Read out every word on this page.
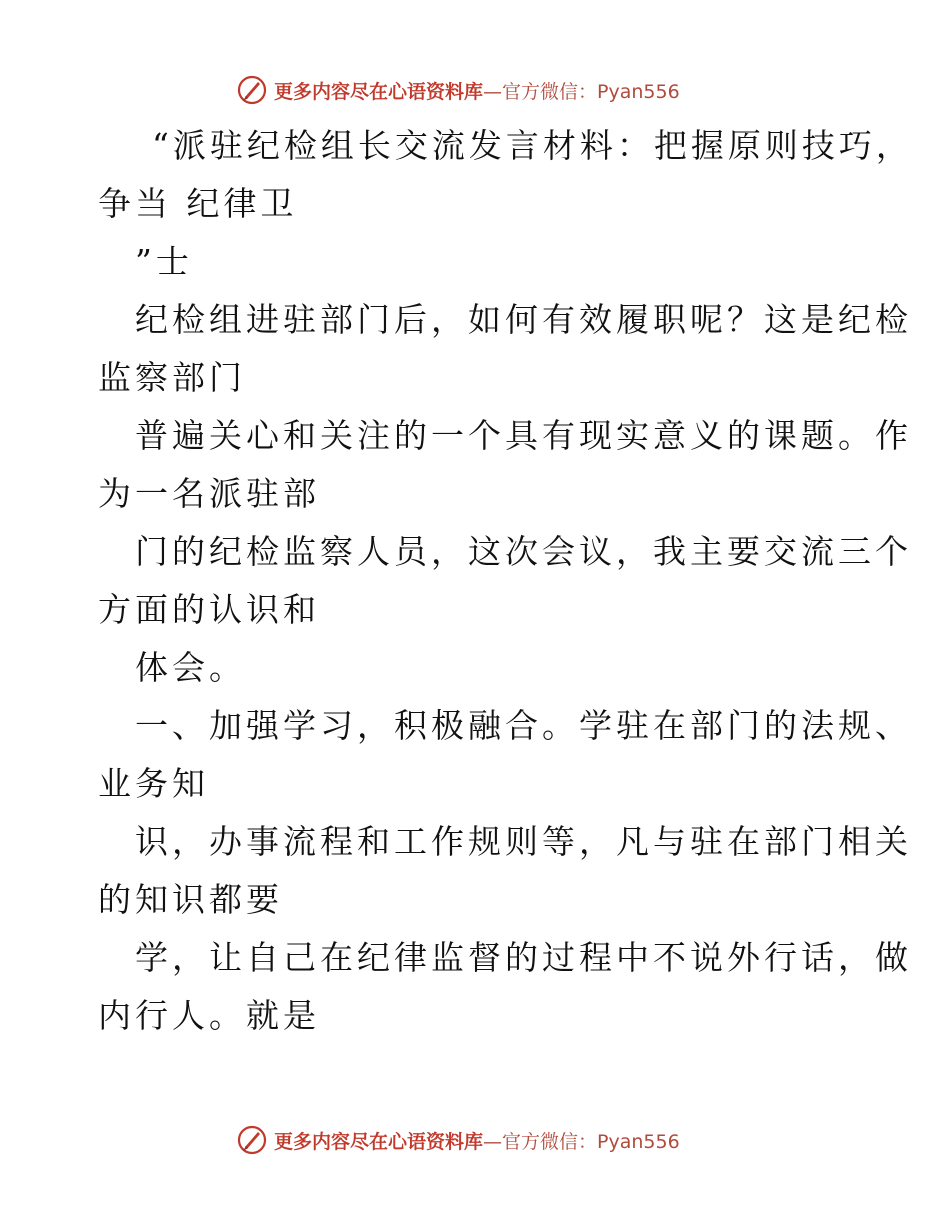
更多内容尽在心语资料库—官方微信：Pyan556
“派驻纪检组长交流发言材料：把握原则技巧，
争当 纪律卫
”士
纪检组进驻部门后，如何有效履职呢？这是纪检
监察部门
普遍关心和关注的一个具有现实意义的课题。作
为一名派驻部
门的纪检监察人员，这次会议，我主要交流三个
方面的认识和
体会。
一、加强学习，积极融合。学驻在部门的法规、
业务知
识，办事流程和工作规则等，凡与驻在部门相关
的知识都要
学，让自己在纪律监督的过程中不说外行话，做
内行人。就是
更多内容尽在心语资料库—官方微信：Pyan556
